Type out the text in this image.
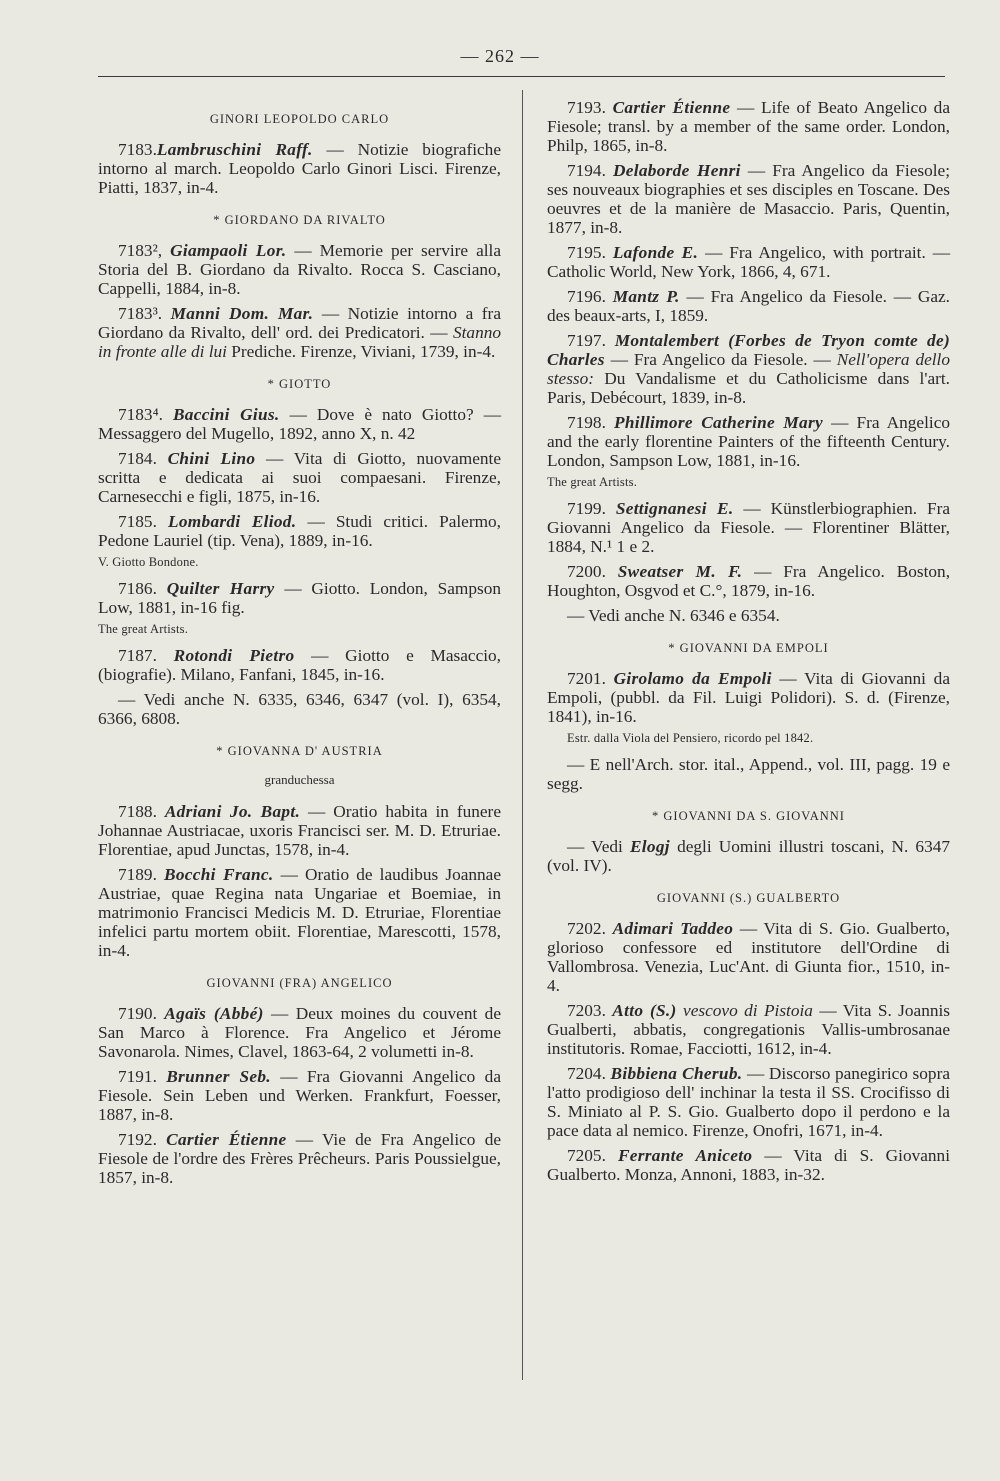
— 262 —
GINORI LEOPOLDO CARLO

7183.Lambruschini Raff. — Notizie biografiche intorno al march. Leopoldo Carlo Ginori Lisci. Firenze, Piatti, 1837, in-4.

* GIORDANO DA RIVALTO

7183², Giampaoli Lor. — Memorie per servire alla Storia del B. Giordano da Rivalto. Rocca S. Casciano, Cappelli, 1884, in-8.

7183³. Manni Dom. Mar. — Notizie intorno a fra Giordano da Rivalto, dell' ord. dei Predicatori. — Stanno in fronte alle di lui Prediche. Firenze, Viviani, 1739, in-4.

* GIOTTO

7183⁴. Baccini Gius. — Dove è nato Giotto? — Messaggero del Mugello, 1892, anno X, n. 42

7184. Chini Lino — Vita di Giotto, nuovamente scritta e dedicata ai suoi compaesani. Firenze, Carnesecchi e figli, 1875, in-16.

7185. Lombardi Eliod. — Studi critici. Palermo, Pedone Lauriel (tip. Vena), 1889, in-16.

V. Giotto Bondone.

7186. Quilter Harry — Giotto. London, Sampson Low, 1881, in-16 fig.

The great Artists.

7187. Rotondi Pietro — Giotto e Masaccio, (biografie). Milano, Fanfani, 1845, in-16.

— Vedi anche N. 6335, 6346, 6347 (vol. I), 6354, 6366, 6808.

* GIOVANNA D' AUSTRIA
granduchessa

7188. Adriani Jo. Bapt. — Oratio habita in funere Johannae Austriacae, uxoris Francisci ser. M. D. Etruriae. Florentiae, apud Junctas, 1578, in-4.

7189. Bocchi Franc. — Oratio de laudibus Joannae Austriae, quae Regina nata Ungariae et Boemiae, in matrimonio Francisci Medicis M. D. Etruriae, Florentiae infelici partu mortem obiit. Florentiae, Marescotti, 1578, in-4.

GIOVANNI (FRA) ANGELICO

7190. Agaïs (Abbé) — Deux moines du couvent de San Marco à Florence. Fra Angelico et Jérome Savonarola. Nimes, Clavel, 1863-64, 2 volumetti in-8.

7191. Brunner Seb. — Fra Giovanni Angelico da Fiesole. Sein Leben und Werken. Frankfurt, Foesser, 1887, in-8.

7192. Cartier Étienne — Vie de Fra Angelico de Fiesole de l'ordre des Frères Prêcheurs. Paris Poussielgue, 1857, in-8.

7193. Cartier Étienne — Life of Beato Angelico da Fiesole; transl. by a member of the same order. London, Philp, 1865, in-8.

7194. Delaborde Henri — Fra Angelico da Fiesole; ses nouveaux biographies et ses disciples en Toscane. Des oeuvres et de la manière de Masaccio. Paris, Quentin, 1877, in-8.

7195. Lafonde E. — Fra Angelico, with portrait. — Catholic World, New York, 1866, 4, 671.

7196. Mantz P. — Fra Angelico da Fiesole. — Gaz. des beaux-arts, I, 1859.

7197. Montalembert (Forbes de Tryon comte de) Charles — Fra Angelico da Fiesole. — Nell'opera dello stesso: Du Vandalisme et du Catholicisme dans l'art. Paris, Debécourt, 1839, in-8.

7198. Phillimore Catherine Mary — Fra Angelico and the early florentine Painters of the fifteenth Century. London, Sampson Low, 1881, in-16.

The great Artists.

7199. Settignanesi E. — Künstlerbiographien. Fra Giovanni Angelico da Fiesole. — Florentiner Blätter, 1884, N.¹ 1 e 2.

7200. Sweatser M. F. — Fra Angelico. Boston, Houghton, Osgvod et C.°, 1879, in-16.

— Vedi anche N. 6346 e 6354.

* GIOVANNI DA EMPOLI

7201. Girolamo da Empoli — Vita di Giovanni da Empoli, (pubbl. da Fil. Luigi Polidori). S. d. (Firenze, 1841), in-16.

Estr. dalla Viola del Pensiero, ricordo pel 1842.

— E nell'Arch. stor. ital., Append., vol. III, pagg. 19 e segg.

* GIOVANNI DA S. GIOVANNI

— Vedi Elogj degli Uomini illustri toscani, N. 6347 (vol. IV).

GIOVANNI (S.) GUALBERTO

7202. Adimari Taddeo — Vita di S. Gio. Gualberto, glorioso confessore ed institutore dell'Ordine di Vallombrosa. Venezia, Luc'Ant. di Giunta fior., 1510, in-4.

7203. Atto (S.) vescovo di Pistoia — Vita S. Joannis Gualberti, abbatis, congregationis Vallis-umbrosanae institutoris. Romae, Facciotti, 1612, in-4.

7204. Bibbiena Cherub. — Discorso panegirico sopra l'atto prodigioso dell' inchinar la testa il SS. Crocifisso di S. Miniato al P. S. Gio. Gualberto dopo il perdono e la pace data al nemico. Firenze, Onofri, 1671, in-4.

7205. Ferrante Aniceto — Vita di S. Giovanni Gualberto. Monza, Annoni, 1883, in-32.
